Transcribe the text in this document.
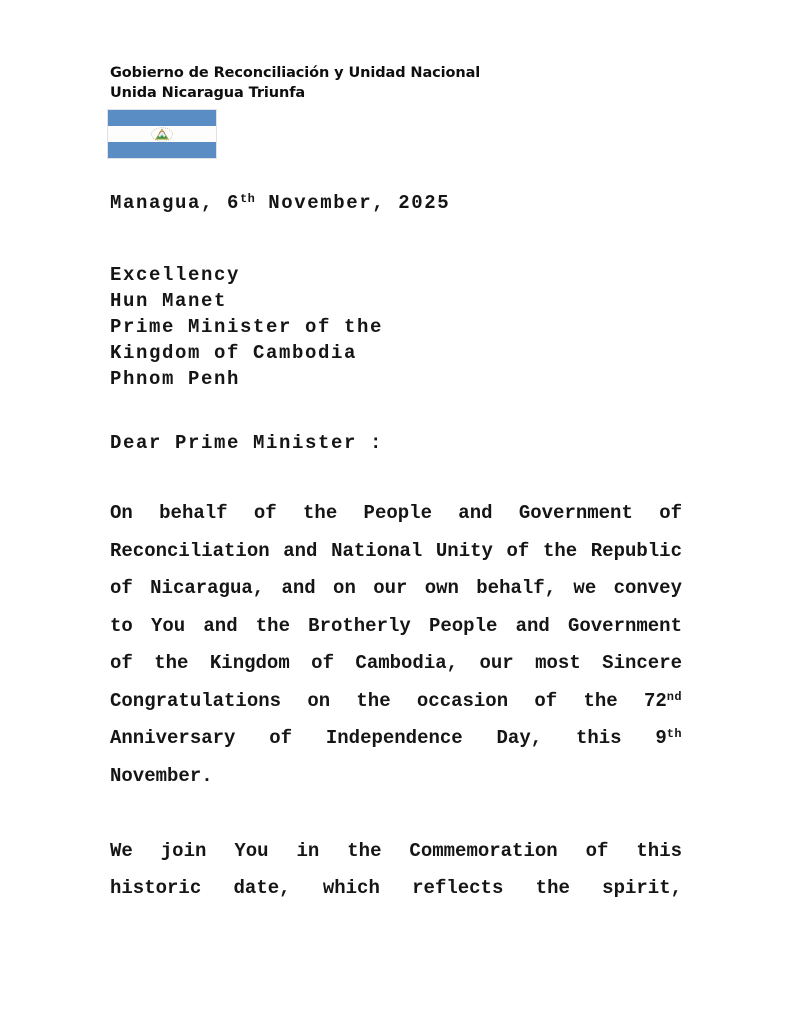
Gobierno de Reconciliación y Unidad Nacional
Unida Nicaragua Triunfa
Managua, 6th November, 2025
Excellency
Hun Manet
Prime Minister of the
Kingdom of Cambodia
Phnom Penh
Dear Prime Minister :
On behalf of the People and Government of
Reconciliation and National Unity of the Republic
of Nicaragua, and on our own behalf, we convey
to You and the Brotherly People and Government
of the Kingdom of Cambodia, our most Sincere
Congratulations on the occasion of the 72nd
Anniversary of Independence Day, this 9th
November.
We join You in the Commemoration of this
historic date, which reflects the spirit,
